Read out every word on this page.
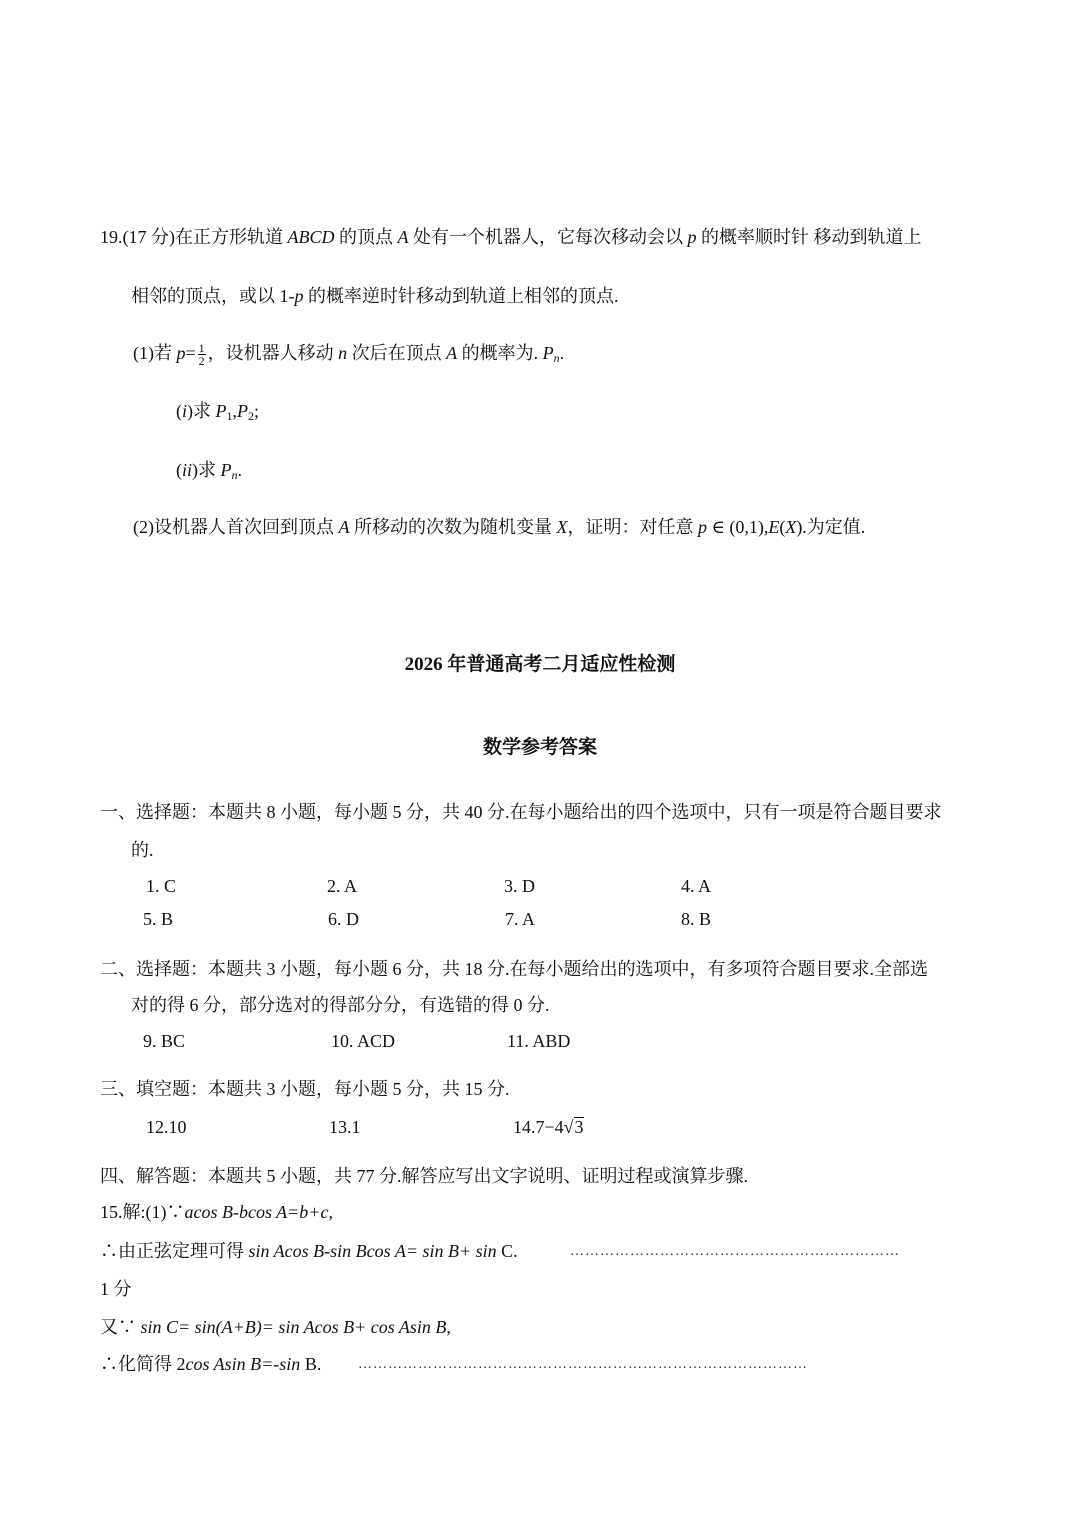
19.(17 分)在正方形轨道 ABCD 的顶点 A 处有一个机器人，它每次移动会以 p 的概率顺时针 移动到轨道上
相邻的顶点，或以 1-p 的概率逆时针移动到轨道上相邻的顶点.
(1)若 $p= \frac{1}{2}$ ，设机器人移动 n 次后在顶点 A 的概率为. $P_n$.
(i)求 $P_1,P_2$;
(ii)求 $P_n$.
(2)设机器人首次回到顶点 A 所移动的次数为随机变量 X，证明：对任意 p ∈ (0,1),E(X).为定值.
2026 年普通高考二月适应性检测
数学参考答案
一、选择题：本题共 8 小题，每小题 5 分，共 40 分.在每小题给出的四个选项中，只有一项是符合题目要求
的.
1. C	2. A	3. D	4. A
5. B	6. D	7. A	8. B
二、选择题：本题共 3 小题，每小题 6 分，共 18 分.在每小题给出的选项中，有多项符合题目要求.全部选
对的得 6 分，部分选对的得部分分，有选错的得 0 分.
9. BC	10. ACD	11. ABD
三、填空题：本题共 3 小题，每小题 5 分，共 15 分.
12.10	13.1	14.7−4√3
四、解答题：本题共 5 小题，共 77 分.解答应写出文字说明、证明过程或演算步骤.
15.解:(1)∵acos B-bcos A=b+c,
∴由正弦定理可得 sin Acos B-sin Bcos A= sin B+ sin C.	…………………………………………………………
1 分
又∵ sin C= sin(A+B)= sin Acos B+ cos Asin B,
∴化简得 2cos Asin B=-sin B.	………………………………………………………………………………
